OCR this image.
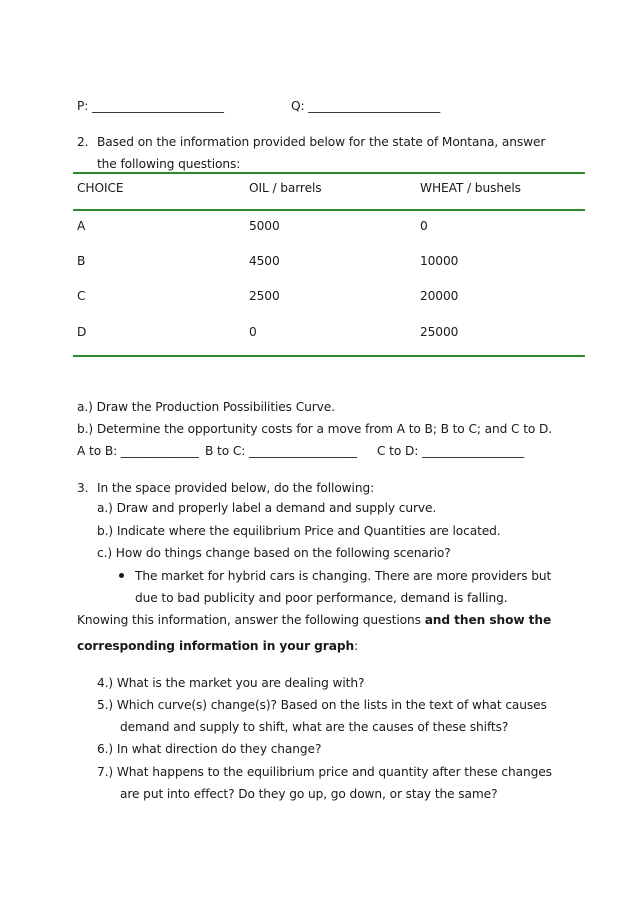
P: ______________________	Q: ______________________
2. Based on the information provided below for the state of Montana, answer
the following questions:
CHOICE	OIL / barrels	WHEAT / bushels
A	5000	0
B	4500	10000
C	2500	20000
D	0	25000
a.) Draw the Production Possibilities Curve.
b.) Determine the opportunity costs for a move from A to B; B to C; and C to D.
A to B: _____________ B to C: __________________ C to D: _________________
3. In the space provided below, do the following:
a.) Draw and properly label a demand and supply curve.
b.) Indicate where the equilibrium Price and Quantities are located.
c.) How do things change based on the following scenario?
The market for hybrid cars is changing. There are more providers but
due to bad publicity and poor performance, demand is falling.
Knowing this information, answer the following questions and then show the
corresponding information in your graph:
4.) What is the market you are dealing with?
5.) Which curve(s) change(s)? Based on the lists in the text of what causes
demand and supply to shift, what are the causes of these shifts?
6.) In what direction do they change?
7.) What happens to the equilibrium price and quantity after these changes
are put into effect? Do they go up, go down, or stay the same?
